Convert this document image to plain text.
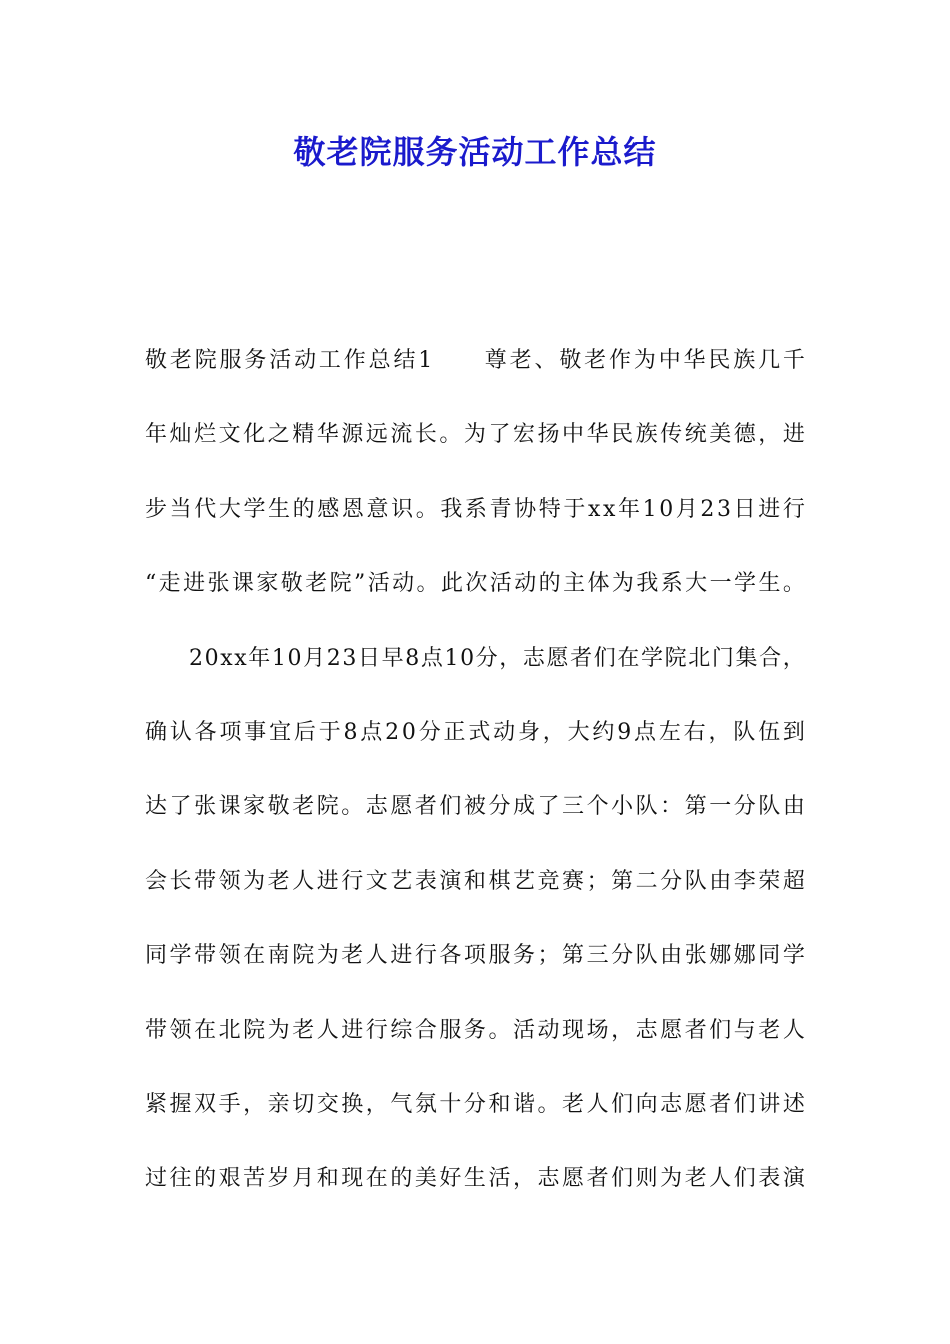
敬老院服务活动工作总结
敬 老 院 服 务 活 动 工 作 总 结 1

　 尊 老 、 敬 老 作 为 中 华 民 族 几 千
年 灿 烂 文 化 之 精 华 源 远 流 长 。 为 了 宏 扬 中 华 民 族 传 统 美 德 ， 进
步 当 代 大 学 生 的 感 恩 意 识 。 我 系 青 协 特 于 x x 年 1 0 月 2 3 日 进 行
“ 走 进 张 课 家 敬 老 院 ” 活 动 。 此 次 活 动 的 主 体 为 我 系 大 一 学 生 。
2 0 x x 年 1 0 月 2 3 日 早 8 点 1 0 分 ， 志 愿 者 们 在 学 院 北 门 集 合 ，
确 认 各 项 事 宜 后 于 8 点 2 0 分 正 式 动 身 ， 大 约 9 点 左 右 ， 队 伍 到
达 了 张 课 家 敬 老 院 。 志 愿 者 们 被 分 成 了 三 个 小 队 ： 第 一 分 队 由
会 长 带 领 为 老 人 进 行 文 艺 表 演 和 棋 艺 竞 赛 ； 第 二 分 队 由 李 荣 超
同 学 带 领 在 南 院 为 老 人 进 行 各 项 服 务 ； 第 三 分 队 由 张 娜 娜 同 学
带 领 在 北 院 为 老 人 进 行 综 合 服 务 。 活 动 现 场 ， 志 愿 者 们 与 老 人
紧 握 双 手 ， 亲 切 交 换 ， 气 氛 十 分 和 谐 。 老 人 们 向 志 愿 者 们 讲 述
过 往 的 艰 苦 岁 月 和 现 在 的 美 好 生 活 ， 志 愿 者 们 则 为 老 人 们 表 演
